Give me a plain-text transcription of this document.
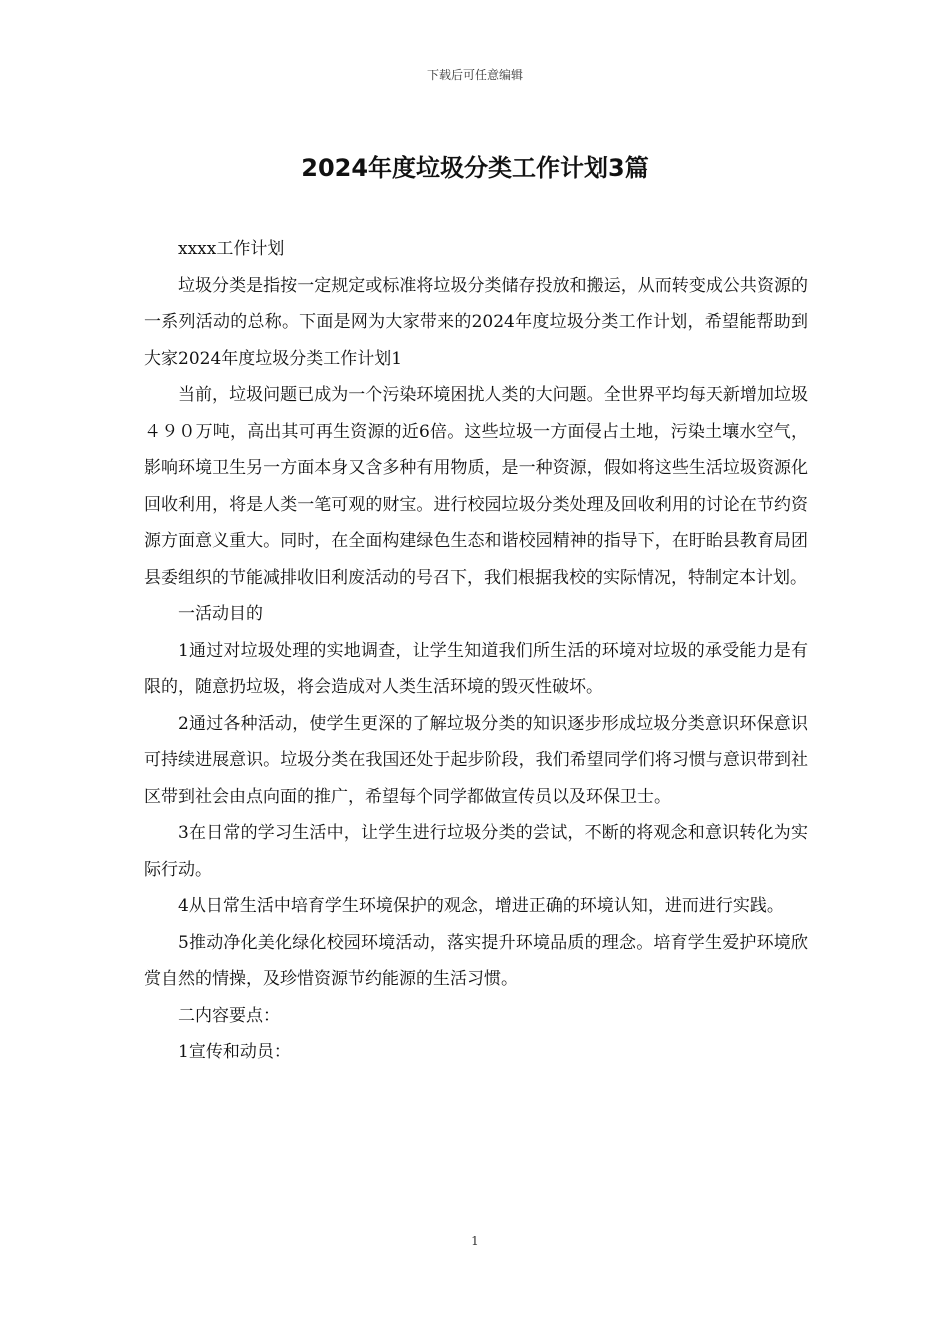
下载后可任意编辑
2024年度垃圾分类工作计划3篇

xxxx工作计划

垃圾分类是指按一定规定或标准将垃圾分类储存投放和搬运，从而转变成公共资源的一系列活动的总称。下面是网为大家带来的2024年度垃圾分类工作计划，希望能帮助到大家2024年度垃圾分类工作计划1

当前，垃圾问题已成为一个污染环境困扰人类的大问题。全世界平均每天新增加垃圾４９０万吨，高出其可再生资源的近6倍。这些垃圾一方面侵占土地，污染土壤水空气，影响环境卫生另一方面本身又含多种有用物质，是一种资源，假如将这些生活垃圾资源化回收利用，将是人类一笔可观的财宝。进行校园垃圾分类处理及回收利用的讨论在节约资源方面意义重大。同时，在全面构建绿色生态和谐校园精神的指导下，在盱眙县教育局团县委组织的节能减排收旧利废活动的号召下，我们根据我校的实际情况，特制定本计划。

一活动目的

1通过对垃圾处理的实地调查，让学生知道我们所生活的环境对垃圾的承受能力是有限的，随意扔垃圾，将会造成对人类生活环境的毁灭性破坏。

2通过各种活动，使学生更深的了解垃圾分类的知识逐步形成垃圾分类意识环保意识可持续进展意识。垃圾分类在我国还处于起步阶段，我们希望同学们将习惯与意识带到社区带到社会由点向面的推广，希望每个同学都做宣传员以及环保卫士。

3在日常的学习生活中，让学生进行垃圾分类的尝试，不断的将观念和意识转化为实际行动。

4从日常生活中培育学生环境保护的观念，增进正确的环境认知，进而进行实践。

5推动净化美化绿化校园环境活动，落实提升环境品质的理念。培育学生爱护环境欣赏自然的情操，及珍惜资源节约能源的生活习惯。

二内容要点：

1宣传和动员：

1
